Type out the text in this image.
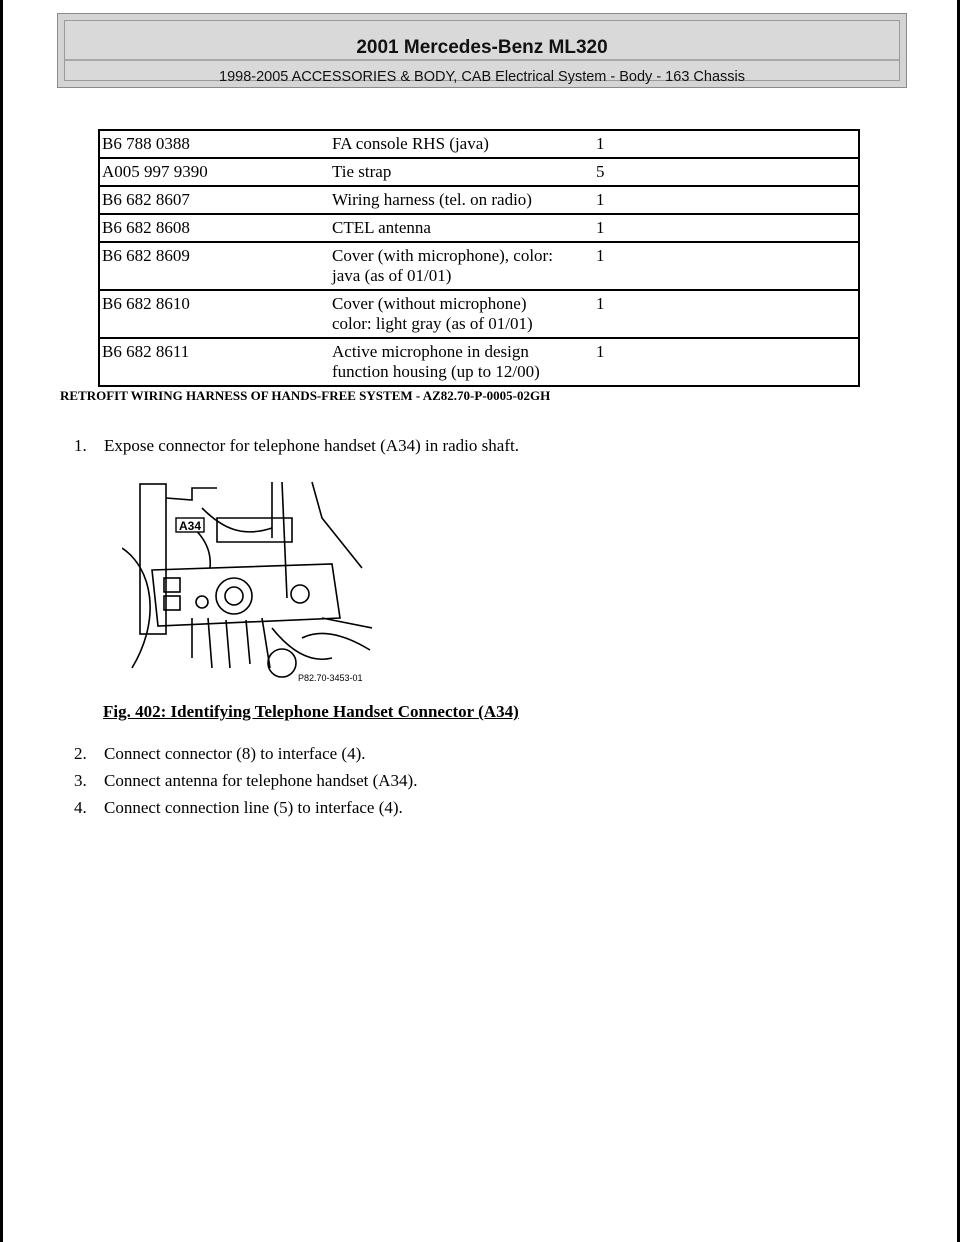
2001 Mercedes-Benz ML320
1998-2005 ACCESSORIES & BODY, CAB Electrical System - Body - 163 Chassis
B6 788 0388	FA console RHS (java)	1
A005 997 9390	Tie strap	5
B6 682 8607	Wiring harness (tel. on radio)	1
B6 682 8608	CTEL antenna	1
B6 682 8609	Cover (with microphone), color:
java (as of 01/01)	1
B6 682 8610	Cover (without microphone)
color: light gray (as of 01/01)	1
B6 682 8611	Active microphone in design
function housing (up to 12/00)	1
RETROFIT WIRING HARNESS OF HANDS-FREE SYSTEM - AZ82.70-P-0005-02GH
1. Expose connector for telephone handset (A34) in radio shaft.
A34
P82.70-3453-01
Fig. 402: Identifying Telephone Handset Connector (A34)
2. Connect connector (8) to interface (4).
3. Connect antenna for telephone handset (A34).
4. Connect connection line (5) to interface (4).
